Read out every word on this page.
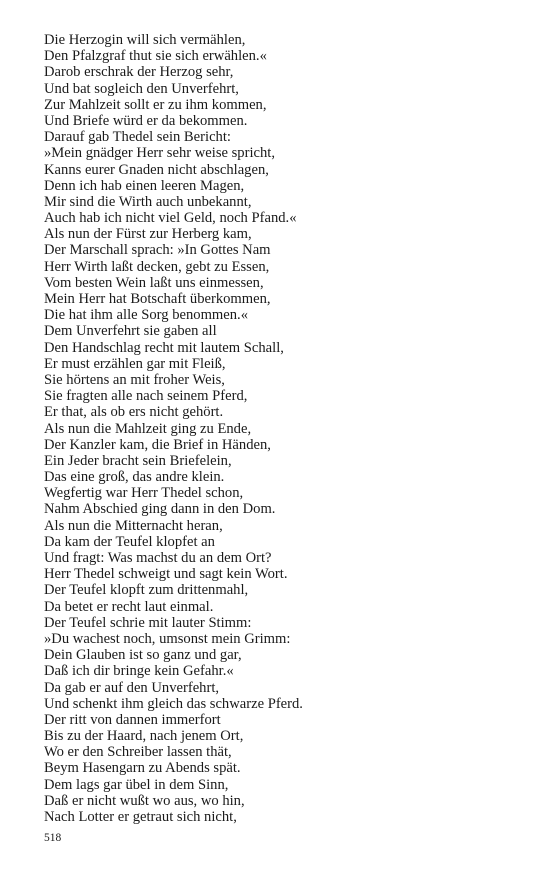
Die Herzogin will sich vermählen,
Den Pfalzgraf thut sie sich erwählen.«
Darob erschrak der Herzog sehr,
Und bat sogleich den Unverfehrt,
Zur Mahlzeit sollt er zu ihm kommen,
Und Briefe würd er da bekommen.
Darauf gab Thedel sein Bericht:
»Mein gnädger Herr sehr weise spricht,
Kanns eurer Gnaden nicht abschlagen,
Denn ich hab einen leeren Magen,
Mir sind die Wirth auch unbekannt,
Auch hab ich nicht viel Geld, noch Pfand.«
Als nun der Fürst zur Herberg kam,
Der Marschall sprach: »In Gottes Nam
Herr Wirth laßt decken, gebt zu Essen,
Vom besten Wein laßt uns einmessen,
Mein Herr hat Botschaft überkommen,
Die hat ihm alle Sorg benommen.«
Dem Unverfehrt sie gaben all
Den Handschlag recht mit lautem Schall,
Er must erzählen gar mit Fleiß,
Sie hörtens an mit froher Weis,
Sie fragten alle nach seinem Pferd,
Er that, als ob ers nicht gehört.
Als nun die Mahlzeit ging zu Ende,
Der Kanzler kam, die Brief in Händen,
Ein Jeder bracht sein Briefelein,
Das eine groß, das andre klein.
Wegfertig war Herr Thedel schon,
Nahm Abschied ging dann in den Dom.
Als nun die Mitternacht heran,
Da kam der Teufel klopfet an
Und fragt: Was machst du an dem Ort?
Herr Thedel schweigt und sagt kein Wort.
Der Teufel klopft zum drittenmahl,
Da betet er recht laut einmal.
Der Teufel schrie mit lauter Stimm:
»Du wachest noch, umsonst mein Grimm:
Dein Glauben ist so ganz und gar,
Daß ich dir bringe kein Gefahr.«
Da gab er auf den Unverfehrt,
Und schenkt ihm gleich das schwarze Pferd.
Der ritt von dannen immerfort
Bis zu der Haard, nach jenem Ort,
Wo er den Schreiber lassen thät,
Beym Hasengarn zu Abends spät.
Dem lags gar übel in dem Sinn,
Daß er nicht wußt wo aus, wo hin,
Nach Lotter er getraut sich nicht,
518
